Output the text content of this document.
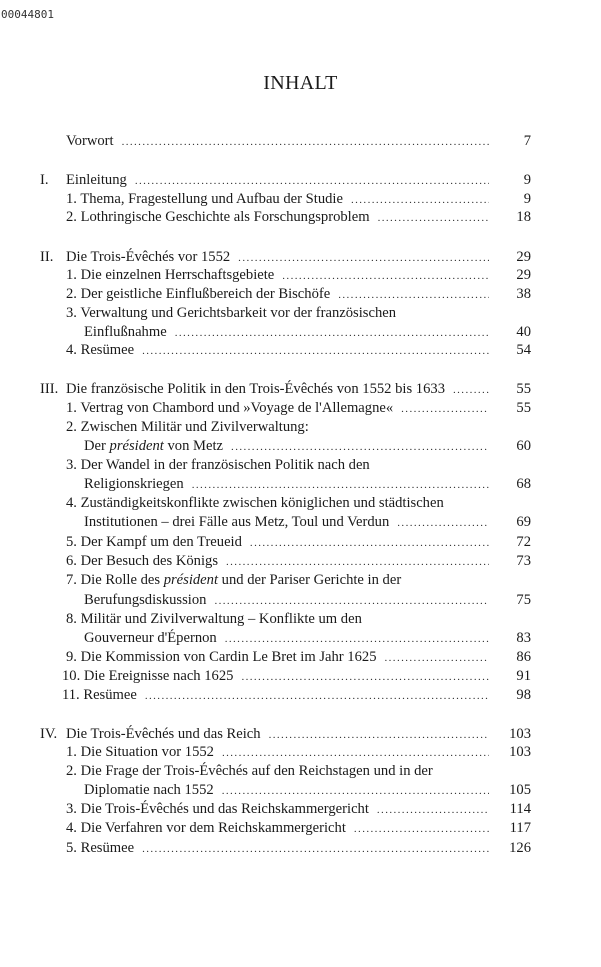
00044801
INHALT
Vorwort .....	7
I. Einleitung .....	9
1. Thema, Fragestellung und Aufbau der Studie .....	9
2. Lothringische Geschichte als Forschungsproblem .....	18
II. Die Trois-Évêchés vor 1552 .....	29
1. Die einzelnen Herrschaftsgebiete .....	29
2. Der geistliche Einflußbereich der Bischöfe .....	38
3. Verwaltung und Gerichtsbarkeit vor der französischen
Einflußnahme .....	40
4. Resümee .....	54
III. Die französische Politik in den Trois-Évêchés von 1552 bis 1633 .....	55
1. Vertrag von Chambord und »Voyage de l'Allemagne« .....	55
2. Zwischen Militär und Zivilverwaltung:
Der président von Metz .....	60
3. Der Wandel in der französischen Politik nach den
Religionskriegen .....	68
4. Zuständigkeitskonflikte zwischen königlichen und städtischen
Institutionen – drei Fälle aus Metz, Toul und Verdun .....	69
5. Der Kampf um den Treueid .....	72
6. Der Besuch des Königs .....	73
7. Die Rolle des président und der Pariser Gerichte in der
Berufungsdiskussion .....	75
8. Militär und Zivilverwaltung – Konflikte um den
Gouverneur d'Épernon .....	83
9. Die Kommission von Cardin Le Bret im Jahr 1625 .....	86
10. Die Ereignisse nach 1625 .....	91
11. Resümee .....	98
IV. Die Trois-Évêchés und das Reich .....	103
1. Die Situation vor 1552 .....	103
2. Die Frage der Trois-Évêchés auf den Reichstagen und in der
Diplomatie nach 1552 .....	105
3. Die Trois-Évêchés und das Reichskammergericht .....	114
4. Die Verfahren vor dem Reichskammergericht .....	117
5. Resümee .....	126
